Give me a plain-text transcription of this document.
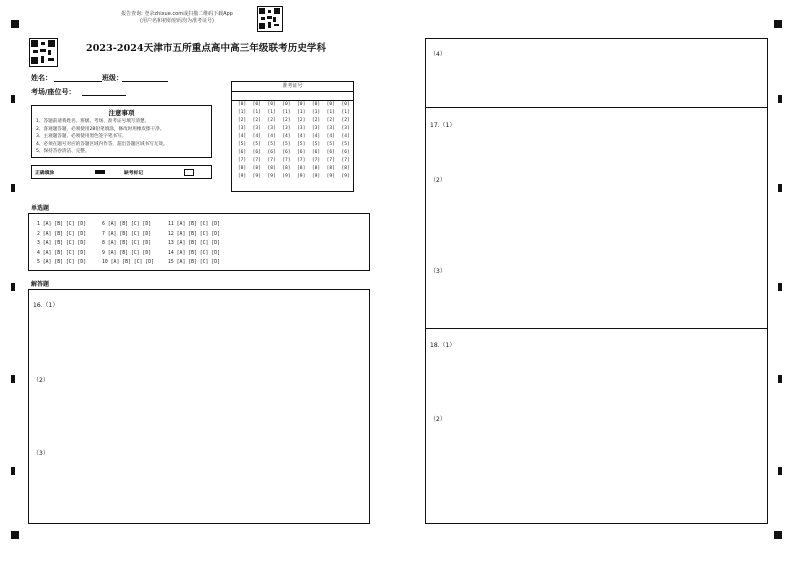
报告查询: 登录zhixue.com或扫描二维码下载App
(用户名和初始密码均为准考证号)
2023-2024天津市五所重点高中高三年级联考历史学科
姓名：	班级：
考场/座位号：
注意事项
1、答题前请将姓名、班级、考场、准考证号填写清楚。
2、客观题答题，必须使用2B铅笔填涂，修改时用橡皮擦干净。
3、主观题答题，必须使用黑色签字笔书写。
4、必须在题号对应的答题区域内作答，超出答题区域书写无效。
5、保持答卷清洁、完整。
正确填涂	缺考标记
准考证号
[0]
[1]
[2]
[3]
[4]
[5]
[6]
[7]
[8]
[9]
[0]
[1]
[2]
[3]
[4]
[5]
[6]
[7]
[8]
[9]
[0]
[1]
[2]
[3]
[4]
[5]
[6]
[7]
[8]
[9]
[0]
[1]
[2]
[3]
[4]
[5]
[6]
[7]
[8]
[9]
[0]
[1]
[2]
[3]
[4]
[5]
[6]
[7]
[8]
[9]
[0]
[1]
[2]
[3]
[4]
[5]
[6]
[7]
[8]
[9]
[0]
[1]
[2]
[3]
[4]
[5]
[6]
[7]
[8]
[9]
[0]
[1]
[2]
[3]
[4]
[5]
[6]
[7]
[8]
[9]
单选题
1 [A] [B] [C] [D]
2 [A] [B] [C] [D]
3 [A] [B] [C] [D]
4 [A] [B] [C] [D]
5 [A] [B] [C] [D]
6 [A] [B] [C] [D]
7 [A] [B] [C] [D]
8 [A] [B] [C] [D]
9 [A] [B] [C] [D]
10 [A] [B] [C] [D]
11 [A] [B] [C] [D]
12 [A] [B] [C] [D]
13 [A] [B] [C] [D]
14 [A] [B] [C] [D]
15 [A] [B] [C] [D]
解答题
16.（1）
（2）
（3）
（4）
17.（1）
（2）
（3）
18.（1）
（2）
